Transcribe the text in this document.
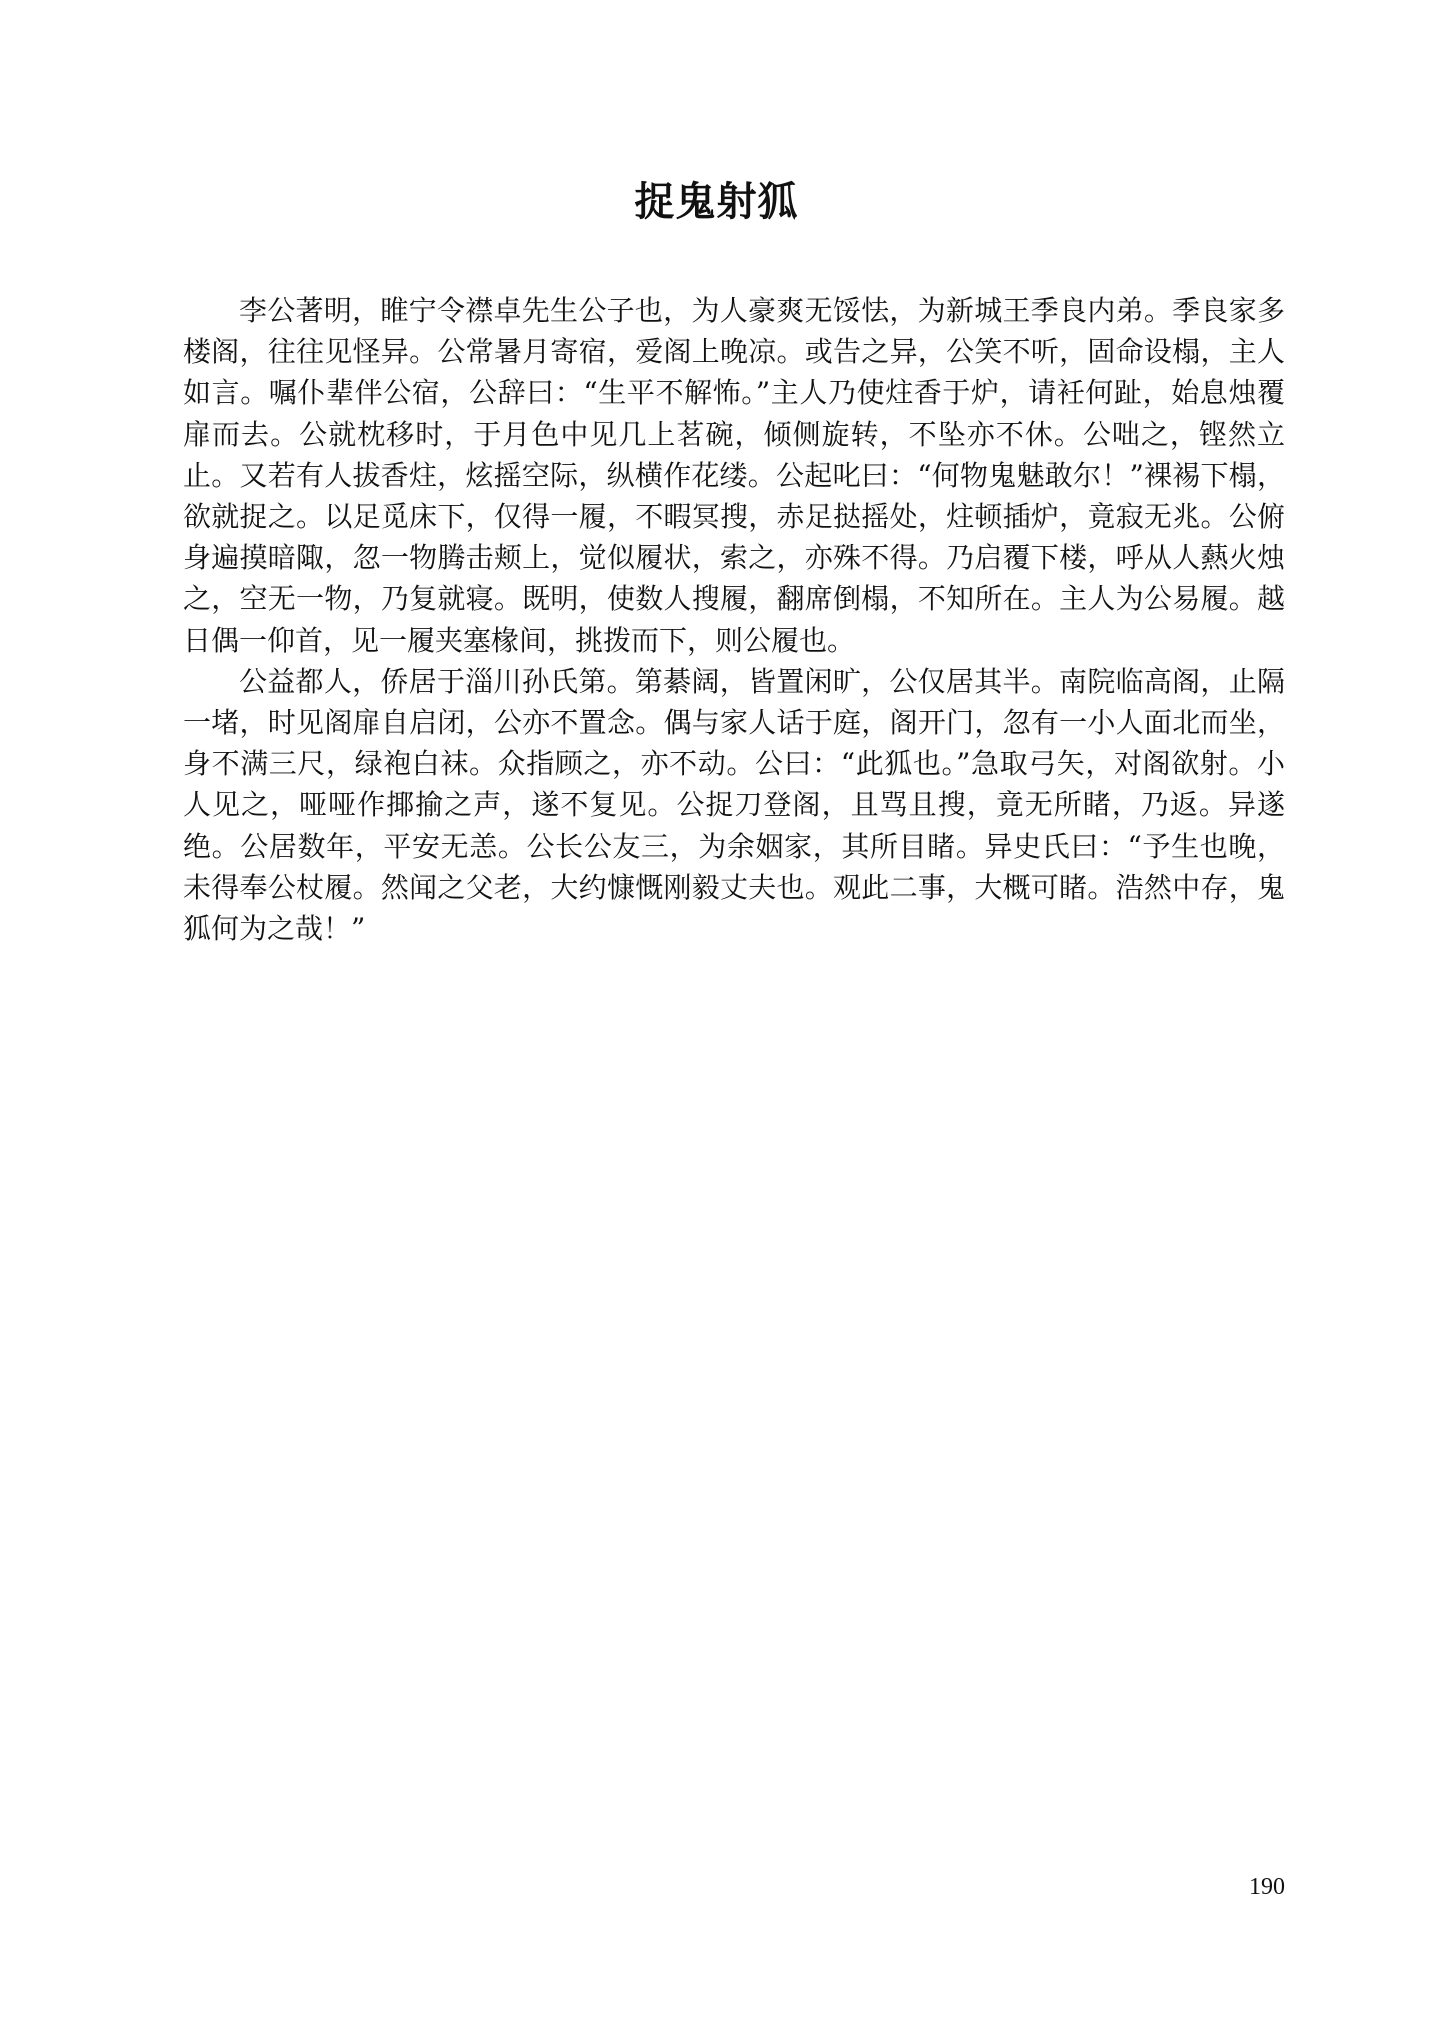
捉鬼射狐

李公著明，睢宁令襟卓先生公子也，为人豪爽无馁怯，为新城王季良内弟。季良家多楼阁，往往见怪异。公常暑月寄宿，爱阁上晚凉。或告之异，公笑不听，固命设榻，主人如言。嘱仆辈伴公宿，公辞曰：“生平不解怖。”主人乃使炷香于炉，请衽何趾，始息烛覆扉而去。公就枕移时，于月色中见几上茗碗，倾侧旋转，不坠亦不休。公咄之，铿然立止。又若有人拔香炷，炫摇空际，纵横作花缕。公起叱曰：“何物鬼魅敢尔！”裸裼下榻，欲就捉之。以足觅床下，仅得一履，不暇冥搜，赤足挞摇处，炷顿插炉，竟寂无兆。公俯身遍摸暗陬，忽一物腾击颊上，觉似履状，索之，亦殊不得。乃启覆下楼，呼从人爇火烛之，空无一物，乃复就寝。既明，使数人搜履，翻席倒榻，不知所在。主人为公易履。越日偶一仰首，见一履夹塞椽间，挑拨而下，则公履也。

公益都人，侨居于淄川孙氏第。第綦阔，皆置闲旷，公仅居其半。南院临高阁，止隔一堵，时见阁扉自启闭，公亦不置念。偶与家人话于庭，阁开门，忽有一小人面北而坐，身不满三尺，绿袍白袜。众指顾之，亦不动。公曰：“此狐也。”急取弓矢，对阁欲射。小人见之，哑哑作揶揄之声，遂不复见。公捉刀登阁，且骂且搜，竟无所睹，乃返。异遂绝。公居数年，平安无恙。公长公友三，为余姻家，其所目睹。异史氏曰：“予生也晚，未得奉公杖履。然闻之父老，大约慷慨刚毅丈夫也。观此二事，大概可睹。浩然中存，鬼狐何为之哉！”

190
